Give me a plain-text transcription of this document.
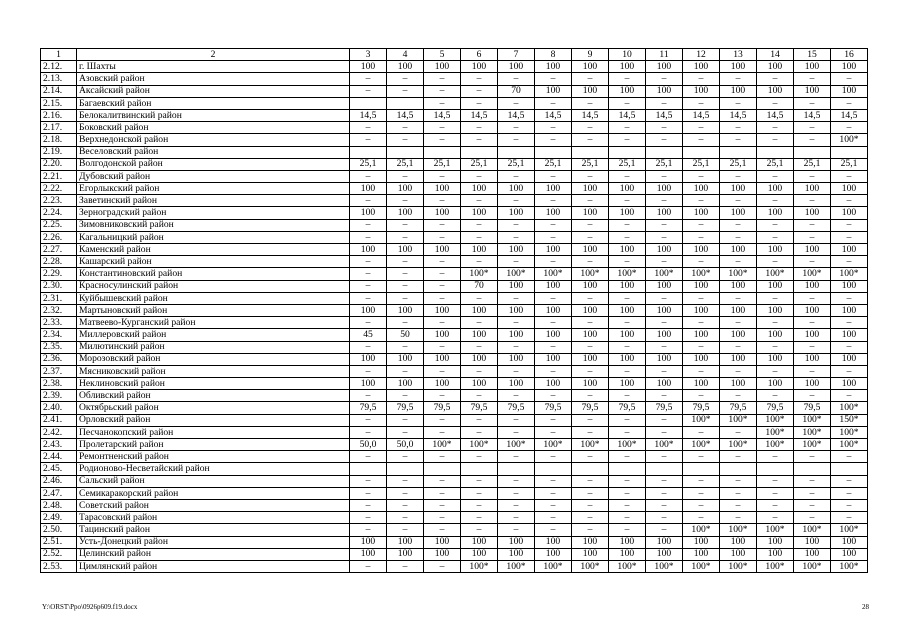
1	2	3	4	5	6	7	8	9	10	11	12	13	14	15	16
2.12.	г. Шахты	100	100	100	100	100	100	100	100	100	100	100	100	100	100
2.13.	Азовский район	–	–	–	–	–	–	–	–	–	–	–	–	–	–
2.14.	Аксайский район	–	–	–	–	70	100	100	100	100	100	100	100	100	100
2.15.	Багаевский район			–	–	–	–	–	–	–	–	–	–	–	–
2.16.	Белокалитвинский район	14,5	14,5	14,5	14,5	14,5	14,5	14,5	14,5	14,5	14,5	14,5	14,5	14,5	14,5
2.17.	Боковский район	–	–	–	–	–	–	–	–	–	–	–	–	–	–
2.18.	Верхнедонской район	–	–	–	–	–	–	–	–	–	–	–	–	–	100*
2.19.	Веселовский район														
2.20.	Волгодонской район	25,1	25,1	25,1	25,1	25,1	25,1	25,1	25,1	25,1	25,1	25,1	25,1	25,1	25,1
2.21.	Дубовский район	–	–	–	–	–	–	–	–	–	–	–	–	–	–
2.22.	Егорлыкский район	100	100	100	100	100	100	100	100	100	100	100	100	100	100
2.23.	Заветинский район	–	–	–	–	–	–	–	–	–	–	–	–	–	–
2.24.	Зерноградский район	100	100	100	100	100	100	100	100	100	100	100	100	100	100
2.25.	Зимовниковский район	–	–	–	–	–	–	–	–	–	–	–	–	–	–
2.26.	Кагальницкий район	–	–	–	–	–	–	–	–	–	–	–	–	–	–
2.27.	Каменский район	100	100	100	100	100	100	100	100	100	100	100	100	100	100
2.28.	Кашарский район	–	–	–	–	–	–	–	–	–	–	–	–	–	–
2.29.	Константиновский район	–	–	–	100*	100*	100*	100*	100*	100*	100*	100*	100*	100*	100*
2.30.	Красносулинский район	–	–	–	70	100	100	100	100	100	100	100	100	100	100
2.31.	Куйбышевский район	–	–	–	–	–	–	–	–	–	–	–	–	–	–
2.32.	Мартыновский район	100	100	100	100	100	100	100	100	100	100	100	100	100	100
2.33.	Матвеево-Курганский район	–	–	–	–	–	–	–	–	–	–	–	–	–	–
2.34.	Миллеровский район	45	50	100	100	100	100	100	100	100	100	100	100	100	100
2.35.	Милютинский район	–	–	–	–	–	–	–	–	–	–	–	–	–	–
2.36.	Морозовский район	100	100	100	100	100	100	100	100	100	100	100	100	100	100
2.37.	Мясниковский район	–	–	–	–	–	–	–	–	–	–	–	–	–	–
2.38.	Неклиновский район	100	100	100	100	100	100	100	100	100	100	100	100	100	100
2.39.	Обливский район	–	–	–	–	–	–	–	–	–	–	–	–	–	–
2.40.	Октябрьский район	79,5	79,5	79,5	79,5	79,5	79,5	79,5	79,5	79,5	79,5	79,5	79,5	79,5	100*
2.41.	Орловский район	–	–	–	–	–	–	–	–	–	100*	100*	100*	100*	150*
2.42.	Песчанокопский район	–	–	–	–	–	–	–	–	–	–	–	100*	100*	100*
2.43.	Пролетарский район	50,0	50,0	100*	100*	100*	100*	100*	100*	100*	100*	100*	100*	100*	100*
2.44.	Ремонтненский район	–	–	–	–	–	–	–	–	–	–	–	–	–	–
2.45.	Родионово-Несветайский район														
2.46.	Сальский район	–	–	–	–	–	–	–	–	–	–	–	–	–	–
2.47.	Семикаракорский район	–	–	–	–	–	–	–	–	–	–	–	–	–	–
2.48.	Советский район	–	–	–	–	–	–	–	–	–	–	–	–	–	–
2.49.	Тарасовский район	–	–	–	–	–	–	–	–	–	–	–	–	–	–
2.50.	Тацинский район	–	–	–	–	–	–	–	–	–	100*	100*	100*	100*	100*
2.51.	Усть-Донецкий район	100	100	100	100	100	100	100	100	100	100	100	100	100	100
2.52.	Целинский район	100	100	100	100	100	100	100	100	100	100	100	100	100	100
2.53.	Цимлянский район	–	–	–	100*	100*	100*	100*	100*	100*	100*	100*	100*	100*	100*
Y:\ORST\Ppo\0926p609.f19.docx	28
